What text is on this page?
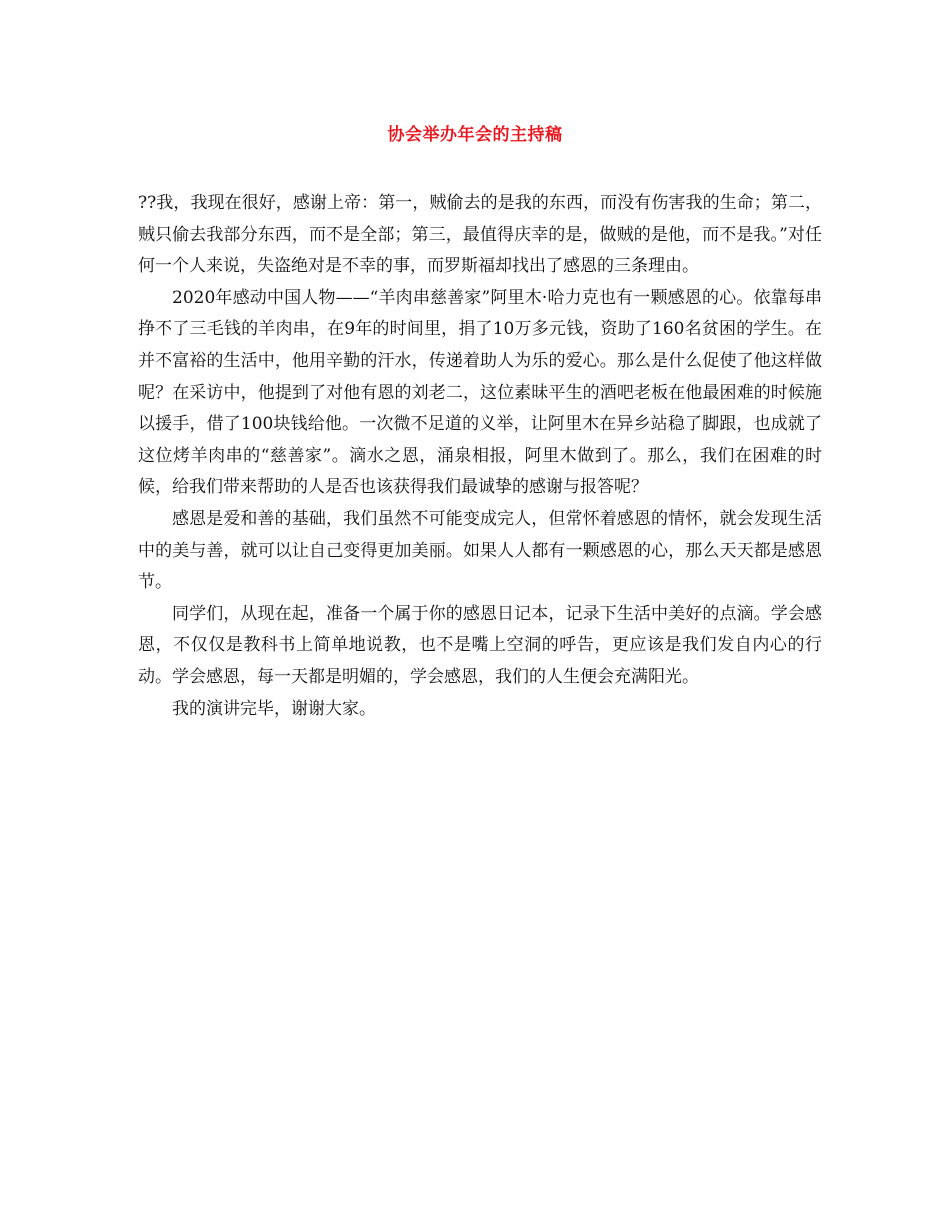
协会举办年会的主持稿

??我，我现在很好，感谢上帝：第一，贼偷去的是我的东西，而没有伤害我的生命；第二，贼只偷去我部分东西，而不是全部；第三，最值得庆幸的是，做贼的是他，而不是我。”对任何一个人来说，失盗绝对是不幸的事，而罗斯福却找出了感恩的三条理由。

2020年感动中国人物——“羊肉串慈善家”阿里木·哈力克也有一颗感恩的心。依靠每串挣不了三毛钱的羊肉串，在9年的时间里，捐了10万多元钱，资助了160名贫困的学生。在并不富裕的生活中，他用辛勤的汗水，传递着助人为乐的爱心。那么是什么促使了他这样做呢？在采访中，他提到了对他有恩的刘老二，这位素昧平生的酒吧老板在他最困难的时候施以援手，借了100块钱给他。一次微不足道的义举，让阿里木在异乡站稳了脚跟，也成就了这位烤羊肉串的“慈善家”。滴水之恩，涌泉相报，阿里木做到了。那么，我们在困难的时候，给我们带来帮助的人是否也该获得我们最诚挚的感谢与报答呢？

感恩是爱和善的基础，我们虽然不可能变成完人，但常怀着感恩的情怀，就会发现生活中的美与善，就可以让自己变得更加美丽。如果人人都有一颗感恩的心，那么天天都是感恩节。

同学们，从现在起，准备一个属于你的感恩日记本，记录下生活中美好的点滴。学会感恩，不仅仅是教科书上简单地说教，也不是嘴上空洞的呼告，更应该是我们发自内心的行动。学会感恩，每一天都是明媚的，学会感恩，我们的人生便会充满阳光。

我的演讲完毕，谢谢大家。
